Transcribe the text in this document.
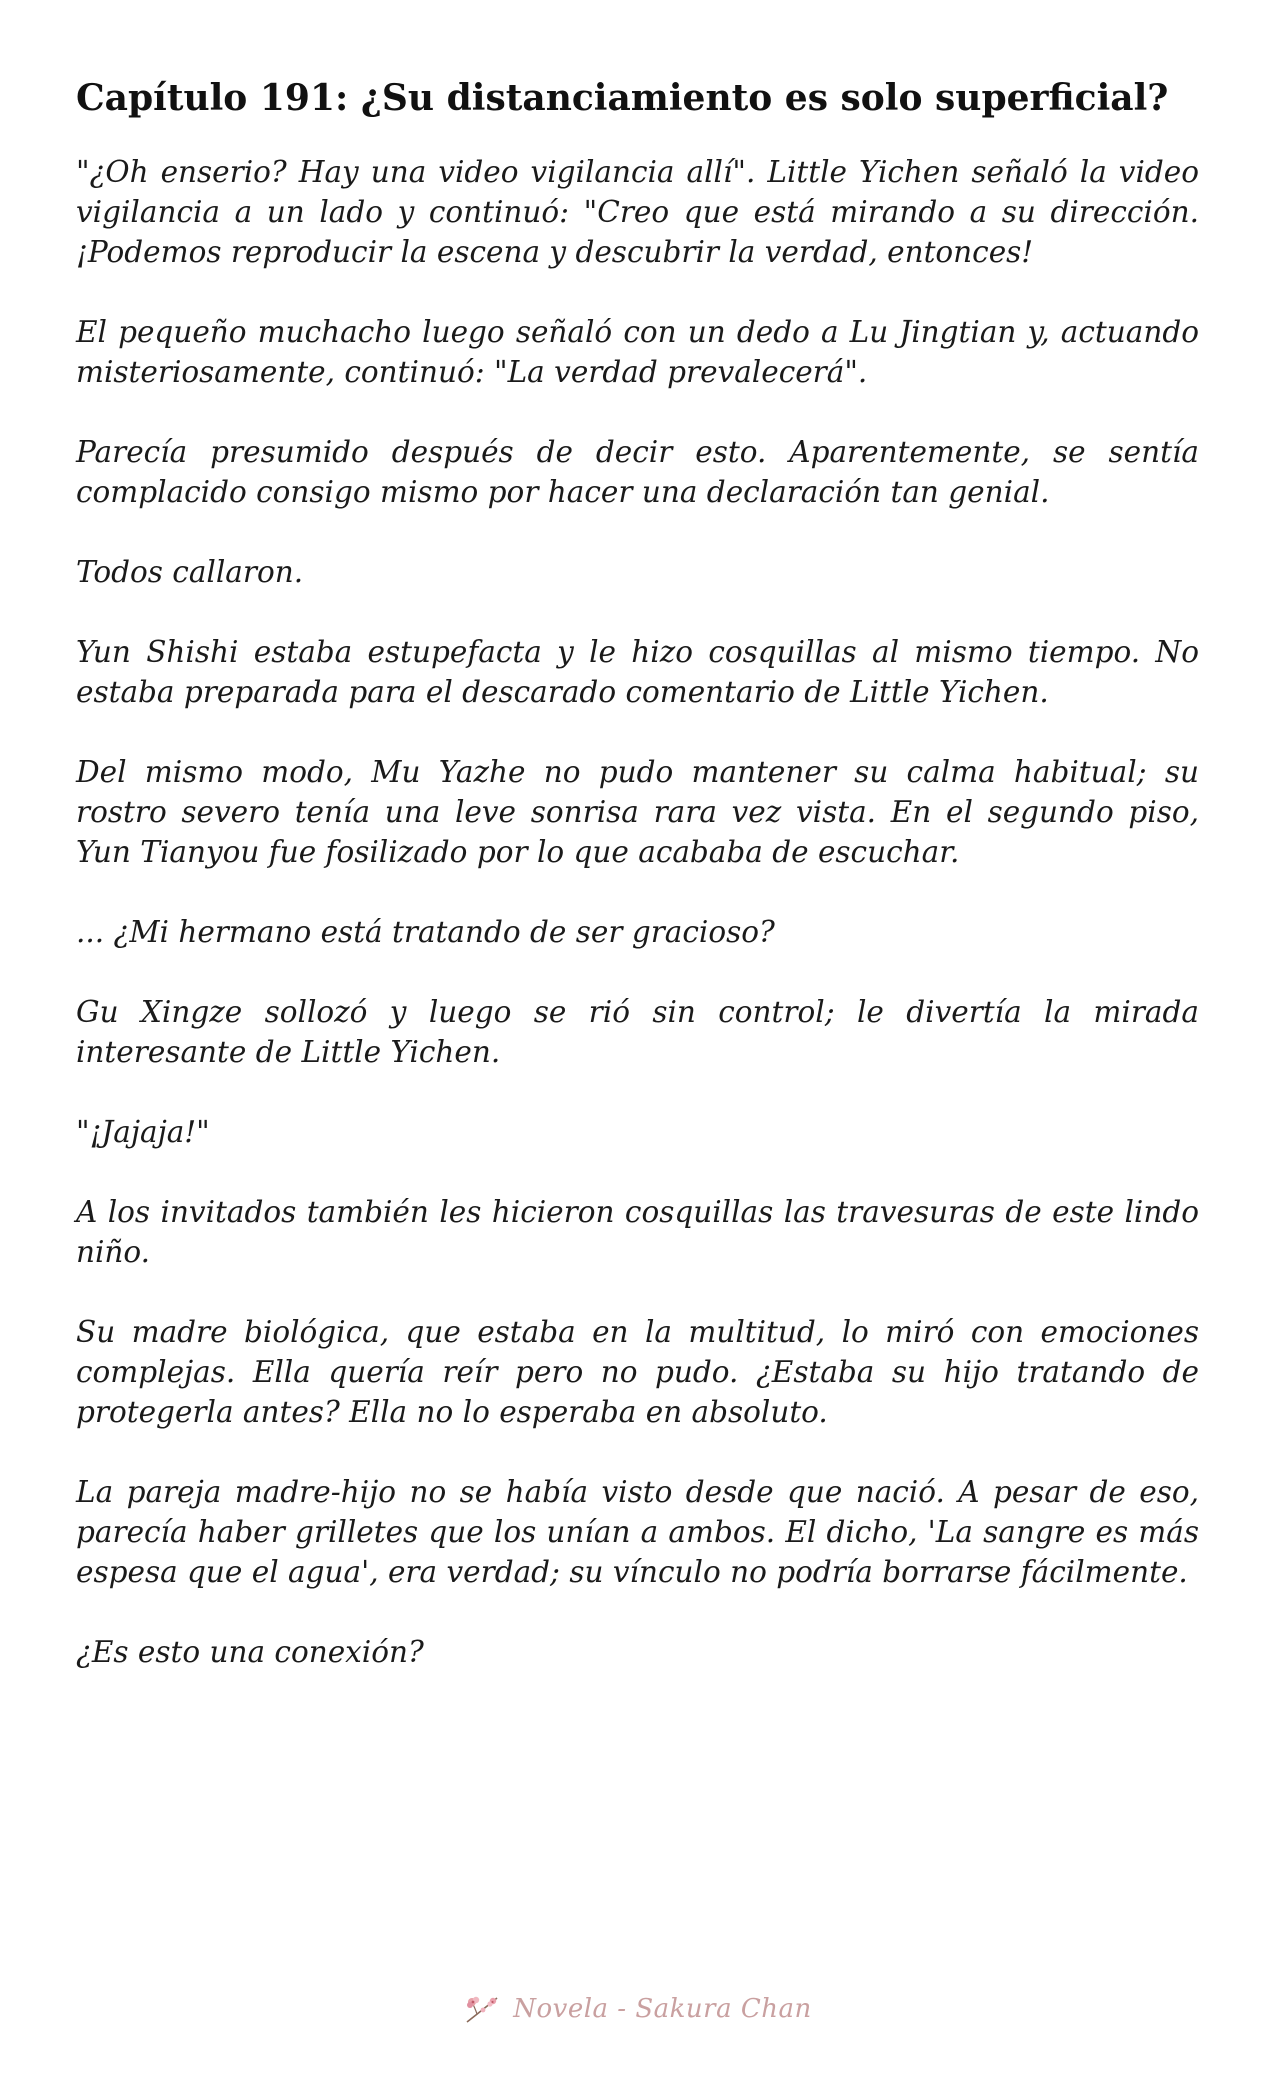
Capítulo 191: ¿Su distanciamiento es solo superficial?

"¿Oh enserio? Hay una video vigilancia allí". Little Yichen señaló la video vigilancia a un lado y continuó: "Creo que está mirando a su dirección. ¡Podemos reproducir la escena y descubrir la verdad, entonces!

El pequeño muchacho luego señaló con un dedo a Lu Jingtian y, actuando misteriosamente, continuó: "La verdad prevalecerá".

Parecía presumido después de decir esto. Aparentemente, se sentía complacido consigo mismo por hacer una declaración tan genial.

Todos callaron.

Yun Shishi estaba estupefacta y le hizo cosquillas al mismo tiempo. No estaba preparada para el descarado comentario de Little Yichen.

Del mismo modo, Mu Yazhe no pudo mantener su calma habitual; su rostro severo tenía una leve sonrisa rara vez vista. En el segundo piso, Yun Tianyou fue fosilizado por lo que acababa de escuchar.

... ¿Mi hermano está tratando de ser gracioso?

Gu Xingze sollozó y luego se rió sin control; le divertía la mirada interesante de Little Yichen.

"¡Jajaja!"

A los invitados también les hicieron cosquillas las travesuras de este lindo niño.

Su madre biológica, que estaba en la multitud, lo miró con emociones complejas. Ella quería reír pero no pudo. ¿Estaba su hijo tratando de protegerla antes? Ella no lo esperaba en absoluto.

La pareja madre-hijo no se había visto desde que nació. A pesar de eso, parecía haber grilletes que los unían a ambos. El dicho, 'La sangre es más espesa que el agua', era verdad; su vínculo no podría borrarse fácilmente.

¿Es esto una conexión?

Novela - Sakura Chan
